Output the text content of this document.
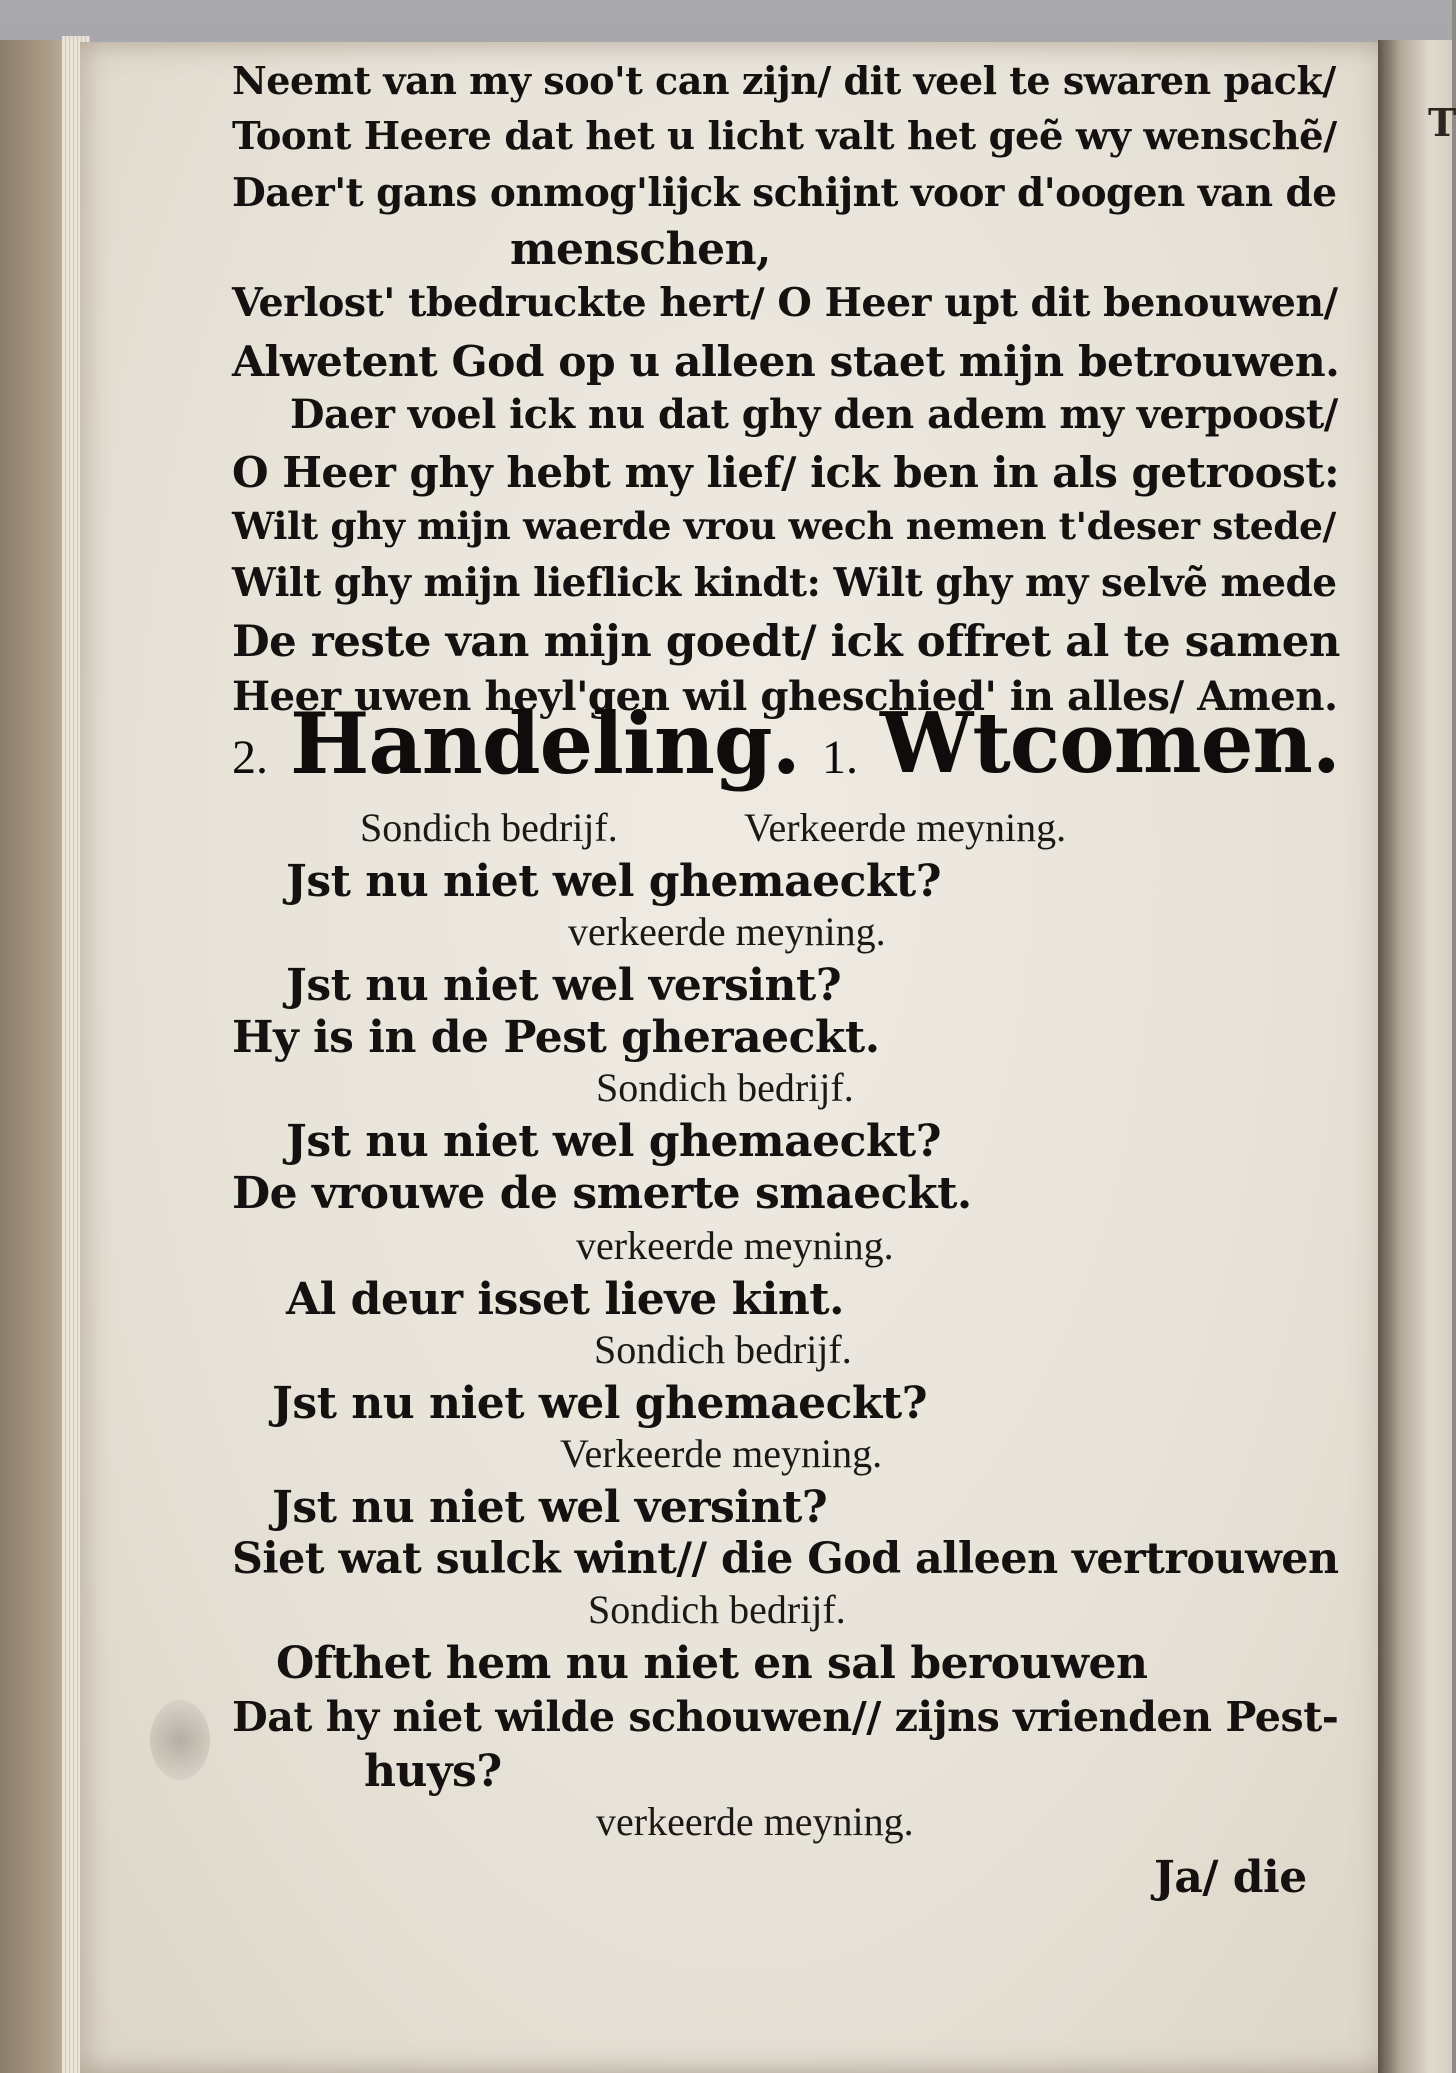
T
Neemt van my soo't can zijn/ dit veel te swaren pack/
Toont Heere dat het u licht valt het geẽ wy wenschẽ/
Daer't gans onmog'lijck schijnt voor d'oogen van de
menschen,
Verlost' tbedruckte hert/ O Heer upt dit benouwen/
Alwetent God op u alleen staet mijn betrouwen.
Daer voel ick nu dat ghy den adem my verpoost/
O Heer ghy hebt my lief/ ick ben in als getroost:
Wilt ghy mijn waerde vrou wech nemen t'deser stede/
Wilt ghy mijn lieflick kindt: Wilt ghy my selvẽ mede
De reste van mijn goedt/ ick offret al te samen
Heer uwen heyl'gen wil gheschied' in alles/ Amen.
2. Handeling. 1. Wtcomen.
Sondich bedrijf.	Verkeerde meyning.
Jst nu niet wel ghemaeckt?
verkeerde meyning.
Jst nu niet wel versint?
Hy is in de Pest gheraeckt.
Sondich bedrijf.
Jst nu niet wel ghemaeckt?
De vrouwe de smerte smaeckt.
verkeerde meyning.
Al deur isset lieve kint.
Sondich bedrijf.
Jst nu niet wel ghemaeckt?
Verkeerde meyning.
Jst nu niet wel versint?
Siet wat sulck wint// die God alleen vertrouwen
Sondich bedrijf.
Ofthet hem nu niet en sal berouwen
Dat hy niet wilde schouwen// zijns vrienden Pest-
huys?
verkeerde meyning.
Ja/ die
